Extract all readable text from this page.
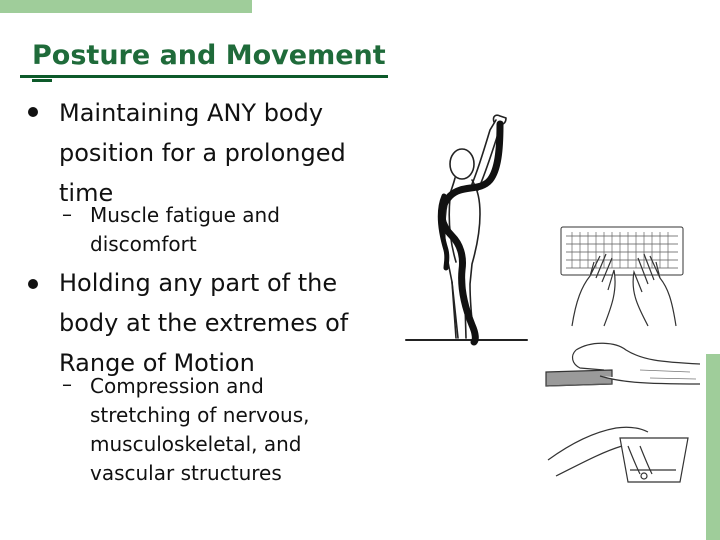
Posture and Movement
Maintaining ANY body position for a prolonged time
– Muscle fatigue and discomfort
Holding any part of the body at the extremes of Range of Motion
– Compression and stretching of nervous, musculoskeletal, and vascular structures
